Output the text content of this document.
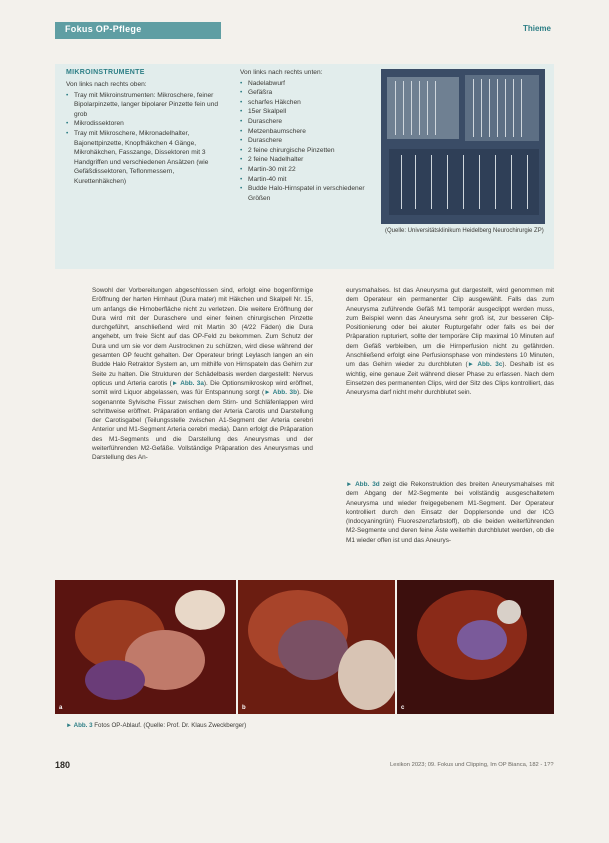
Fokus OP-Pflege	Thieme
MIKROINSTRUMENTE

Von links nach rechts oben:

• Tray mit Mikroinstrumenten: Mikroschere, feiner Bipolarpinzette, langer bipolarer Pinzette fein und grob
• Mikrodissektoren
• Tray mit Mikroschere, Mikronadelhalter, Bajonettpinzette, Knopfhäkchen 4 Gänge, Mikrohäkchen, Fasszange, Dissektoren mit 3 Handgriffen und verschiedenen Ansätzen (wie Gefäßdissektoren, Teflonmessern, Kurettenhäkchen)

Von links nach rechts unten:

• Nadelabwurf
• Gefäßra
• scharfes Häkchen
• 15er Skalpell
• Duraschere
• Metzenbaumschere
• Duraschere
• 2 feine chirurgische Pinzetten
• 2 feine Nadelhalter
• Martin-30 mit 22
• Martin-40 mit
• Budde Halo-Hirnspatel in verschiedener Größen
(Quelle: Universitätsklinikum Heidelberg Neurochirurgie ZP)
Sowohl der Vorbereitungen abgeschlossen sind, erfolgt eine bogenförmige Eröffnung der harten Hirnhaut (Dura mater) mit Häkchen und Skalpell Nr. 15, um anfangs die Hirnoberfläche nicht zu verletzen. Die weitere Eröffnung der Dura wird mit der Duraschere und einer feinen chirurgischen Pinzette durchgeführt, anschließend wird mit Martin 30 (4/22 Fäden) die Dura angehebt, um freie Sicht auf das OP-Feld zu bekommen. Zum Schutz der Dura und um sie vor dem Austrocknen zu schützen, wird diese während der gesamten OP feucht gehalten. Der Operateur bringt Leylasch langen an ein Budde Halo Retraktor System an, um mithilfe von Hirnspateln das Gehirn zur Seite zu halten. Die Strukturen der Schädelbasis werden dargestellt: Nervus opticus und Arteria carotis (► Abb. 3a). Die Optionsmikroskop wird eröffnet, somit wird Liquor abgelassen, was für Entspannung sorgt (► Abb. 3b). Die sogenannte Sylvische Fissur zwischen dem Stirn- und Schläfenlappen wird schrittweise eröffnet. Präparation entlang der Arteria Carotis und Darstellung der Carotisgabel (Teilungsstelle zwischen A1-Segment der Arteria cerebri Anterior und M1-Segment Arteria cerebri media). Dann erfolgt die Präparation des M1-Segments und die Darstellung des Aneurysmas und der weiterführenden M2-Gefäße. Vollständige Präparation des Aneurysmas und Darstellung des An-
eurysmahalses. Ist das Aneurysma gut dargestellt, wird genommen mit dem Operateur ein permanenter Clip ausgewählt. Falls das zum Aneurysma zuführende Gefäß M1 temporär ausgeclippt werden muss, zum Beispiel wenn das Aneurysma sehr groß ist, zur besseren Clip-Positionierung oder bei akuter Rupturgefahr oder falls es bei der Präparation rupturiert, sollte der temporäre Clip maximal 10 Minuten auf dem Gefäß verbleiben, um die Hirnperfusion nicht zu gefährden. Anschließend erfolgt eine Perfusionsphase von mindestens 10 Minuten, um das Gehirn wieder zu durchbluten (► Abb. 3c). Deshalb ist es wichtig, eine genaue Zeit während dieser Phase zu erfassen. Nach dem Einsetzen des permanenten Clips, wird der Sitz des Clips kontrolliert, das Aneurysma darf nicht mehr durchblutet sein.
► Abb. 3d zeigt die Rekonstruktion des breiten Aneurysmahalses mit dem Abgang der M2-Segmente bei vollständig ausgeschaltetem Aneurysma und wieder freigegebenem M1-Segment. Der Operateur kontrolliert durch den Einsatz der Dopplersonde und der ICG (Indocyaningrün) Fluoreszenzfarbstoff), ob die beiden weiterführenden M2-Segmente und deren feine Äste weiterhin durchblutet werden, ob die M1 wieder offen ist und das Aneurys-
a	b	c
► Abb. 3 Fotos OP-Ablauf. (Quelle: Prof. Dr. Klaus Zweckberger)
180	Lexikon 2023; 09. Fokus und Clipping, Im OP Bianca, 182 - 1??
